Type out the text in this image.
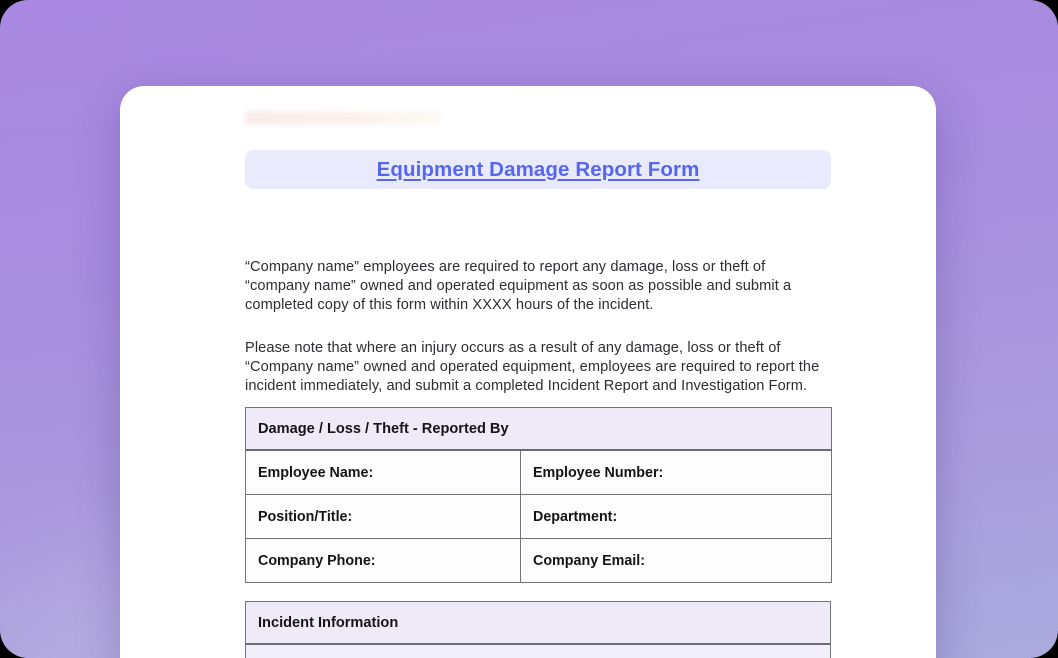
Equipment Damage Report Form

“Company name” employees are required to report any damage, loss or theft of “company name” owned and operated equipment as soon as possible and submit a completed copy of this form within XXXX hours of the incident.

Please note that where an injury occurs as a result of any damage, loss or theft of “Company name” owned and operated equipment, employees are required to report the incident immediately, and submit a completed Incident Report and Investigation Form.

Damage / Loss / Theft - Reported By	
Employee Name:	Employee Number:
Position/Title:	Department:
Company Phone:	Company Email:
Incident Information
